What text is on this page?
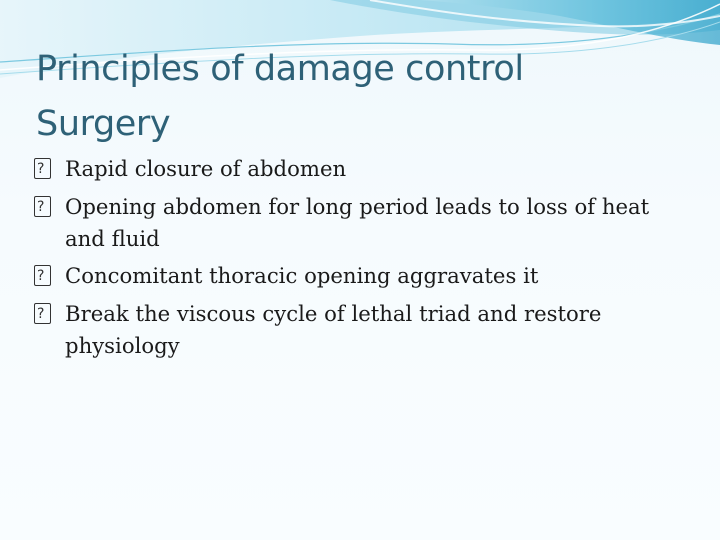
Principles of damage control
Surgery
?
Rapid closure of abdomen
?
Opening abdomen for long period leads to loss of heat and fluid
?
Concomitant thoracic opening aggravates it
?
Break the viscous cycle of lethal triad and restore physiology
